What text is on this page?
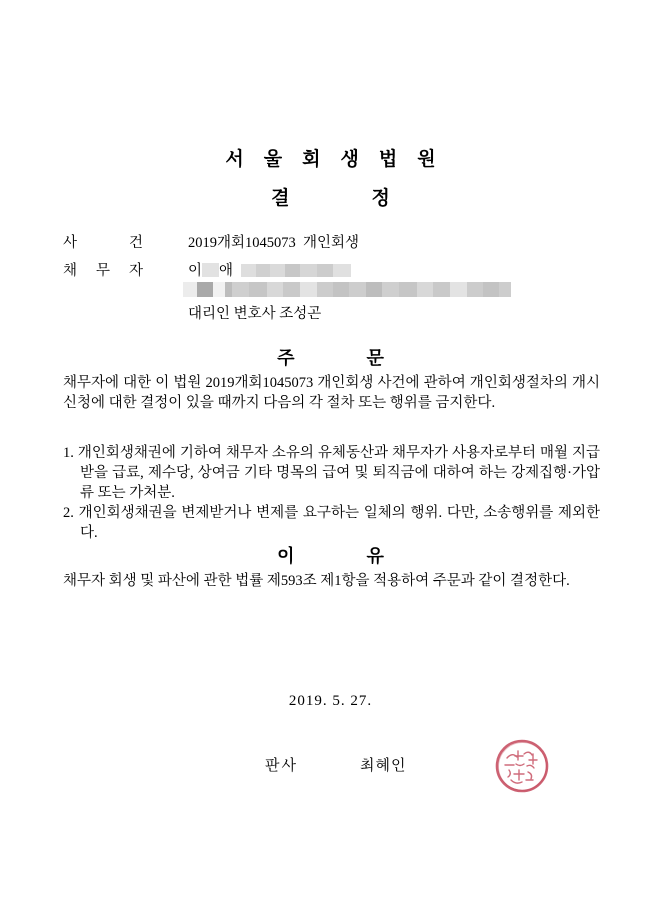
서 울 회 생 법 원
결	정
사	건	2019개회1045073  개인회생
채 무 자	이 애
대리인 변호사 조성곤
주	문
채무자에 대한 이 법원 2019개회1045073 개인회생 사건에 관하여 개인회생절차의 개시신청에 대한 결정이 있을 때까지 다음의 각 절차 또는 행위를 금지한다.
1. 개인회생채권에 기하여 채무자 소유의 유체동산과 채무자가 사용자로부터 매월 지급받을 급료, 제수당, 상여금 기타 명목의 급여 및 퇴직금에 대하여 하는 강제집행·가압류 또는 가처분.
2. 개인회생채권을 변제받거나 변제를 요구하는 일체의 행위. 다만, 소송행위를 제외한다.
이	유
채무자 회생 및 파산에 관한 법률 제593조 제1항을 적용하여 주문과 같이 결정한다.
2019. 5. 27.
판사	최혜인
